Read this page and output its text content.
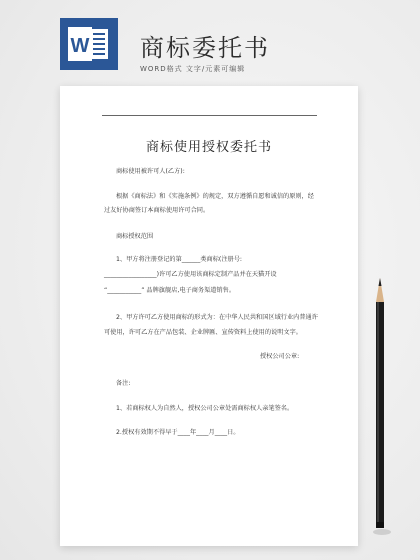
W 商标委托书
WORD格式 文字/元素可编辑
商标使用授权委托书
商标使用被许可人(乙方):
根据《商标法》和《实施条例》的规定，双方遵循自愿和诚信的原则，经
过友好协商签订本商标使用许可合同。
商标授权范围
1、甲方将注册登记的第______类商标(注册号:
_________________)许可乙方使用该商标定制产品并在天猫开设
“___________” 品牌旗舰店,电子商务渠道销售。
2、甲方许可乙方使用商标的形式为：在中华人民共和国区域行业内普通许
可使用，许可乙方在产品包装、企业牌匾、宣传资料上使用的说明文字。
授权公司公章:
备注:
1、若商标权人为自然人，授权公司公章处需商标权人亲笔签名。
2.授权有效期不得早于____年____月____日。
